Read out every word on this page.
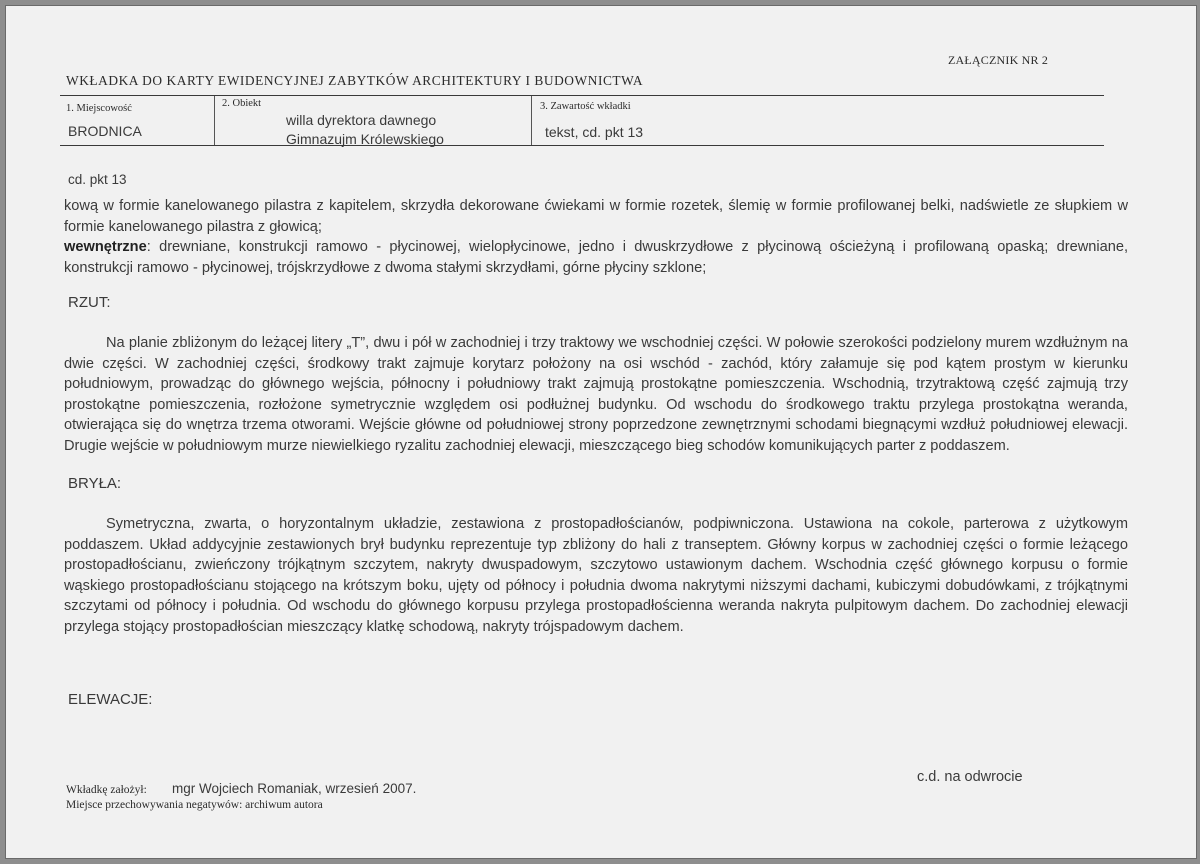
ZAŁĄCZNIK NR 2
WKŁADKA DO KARTY EWIDENCYJNEJ ZABYTKÓW ARCHITEKTURY I BUDOWNICTWA
1. Miejscowość
BRODNICA
2. Obiekt
willa dyrektora dawnego
Gimnazujm Królewskiego
3. Zawartość wkładki
tekst, cd. pkt 13
cd. pkt 13

kową w formie kanelowanego pilastra z kapitelem, skrzydła dekorowane ćwiekami w formie rozetek, ślemię w formie profilowanej belki, nadświetle ze słupkiem w formie kanelowanego pilastra z głowicą;

wewnętrzne: drewniane, konstrukcji ramowo - płycinowej, wielopłycinowe, jedno i dwuskrzydłowe z płycinową ościeżyną i profilowaną opaską; drewniane, konstrukcji ramowo - płycinowej, trójskrzydłowe z dwoma stałymi skrzydłami, górne płyciny szklone;

RZUT:

Na planie zbliżonym do leżącej litery „T”, dwu i pół w zachodniej i trzy traktowy we wschodniej części. W połowie szerokości podzielony murem wzdłużnym na dwie części. W zachodniej części, środkowy trakt zajmuje korytarz położony na osi wschód - zachód, który załamuje się pod kątem prostym w kierunku południowym, prowadząc do głównego wejścia, północny i południowy trakt zajmują prostokątne pomieszczenia. Wschodnią, trzytraktową część zajmują trzy prostokątne pomieszczenia, rozłożone symetrycznie względem osi podłużnej budynku. Od wschodu do środkowego traktu przylega prostokątna weranda, otwierająca się do wnętrza trzema otworami. Wejście główne od południowej strony poprzedzone zewnętrznymi schodami biegnącymi wzdłuż południowej elewacji. Drugie wejście w południowym murze niewielkiego ryzalitu zachodniej elewacji, mieszczącego bieg schodów komunikujących parter z poddaszem.

BRYŁA:

Symetryczna, zwarta, o horyzontalnym układzie, zestawiona z prostopadłościanów, podpiwniczona. Ustawiona na cokole, parterowa z użytkowym poddaszem. Układ addycyjnie zestawionych brył budynku reprezentuje typ zbliżony do hali z transeptem. Główny korpus w zachodniej części o formie leżącego prostopadłościanu, zwieńczony trójkątnym szczytem, nakryty dwuspadowym, szczytowo ustawionym dachem. Wschodnia część głównego korpusu o formie wąskiego prostopadłościanu stojącego na krótszym boku, ujęty od północy i południa dwoma nakrytymi niższymi dachami, kubiczymi dobudówkami, z trójkątnymi szczytami od północy i południa. Od wschodu do głównego korpusu przylega prostopadłościenna weranda nakryta pulpitowym dachem. Do zachodniej elewacji przylega stojący prostopadłościan mieszczący klatkę schodową, nakryty trójspadowym dachem.

ELEWACJE:
c.d. na odwrocie
Wkładkę założył: mgr Wojciech Romaniak, wrzesień 2007.
Miejsce przechowywania negatywów: archiwum autora
